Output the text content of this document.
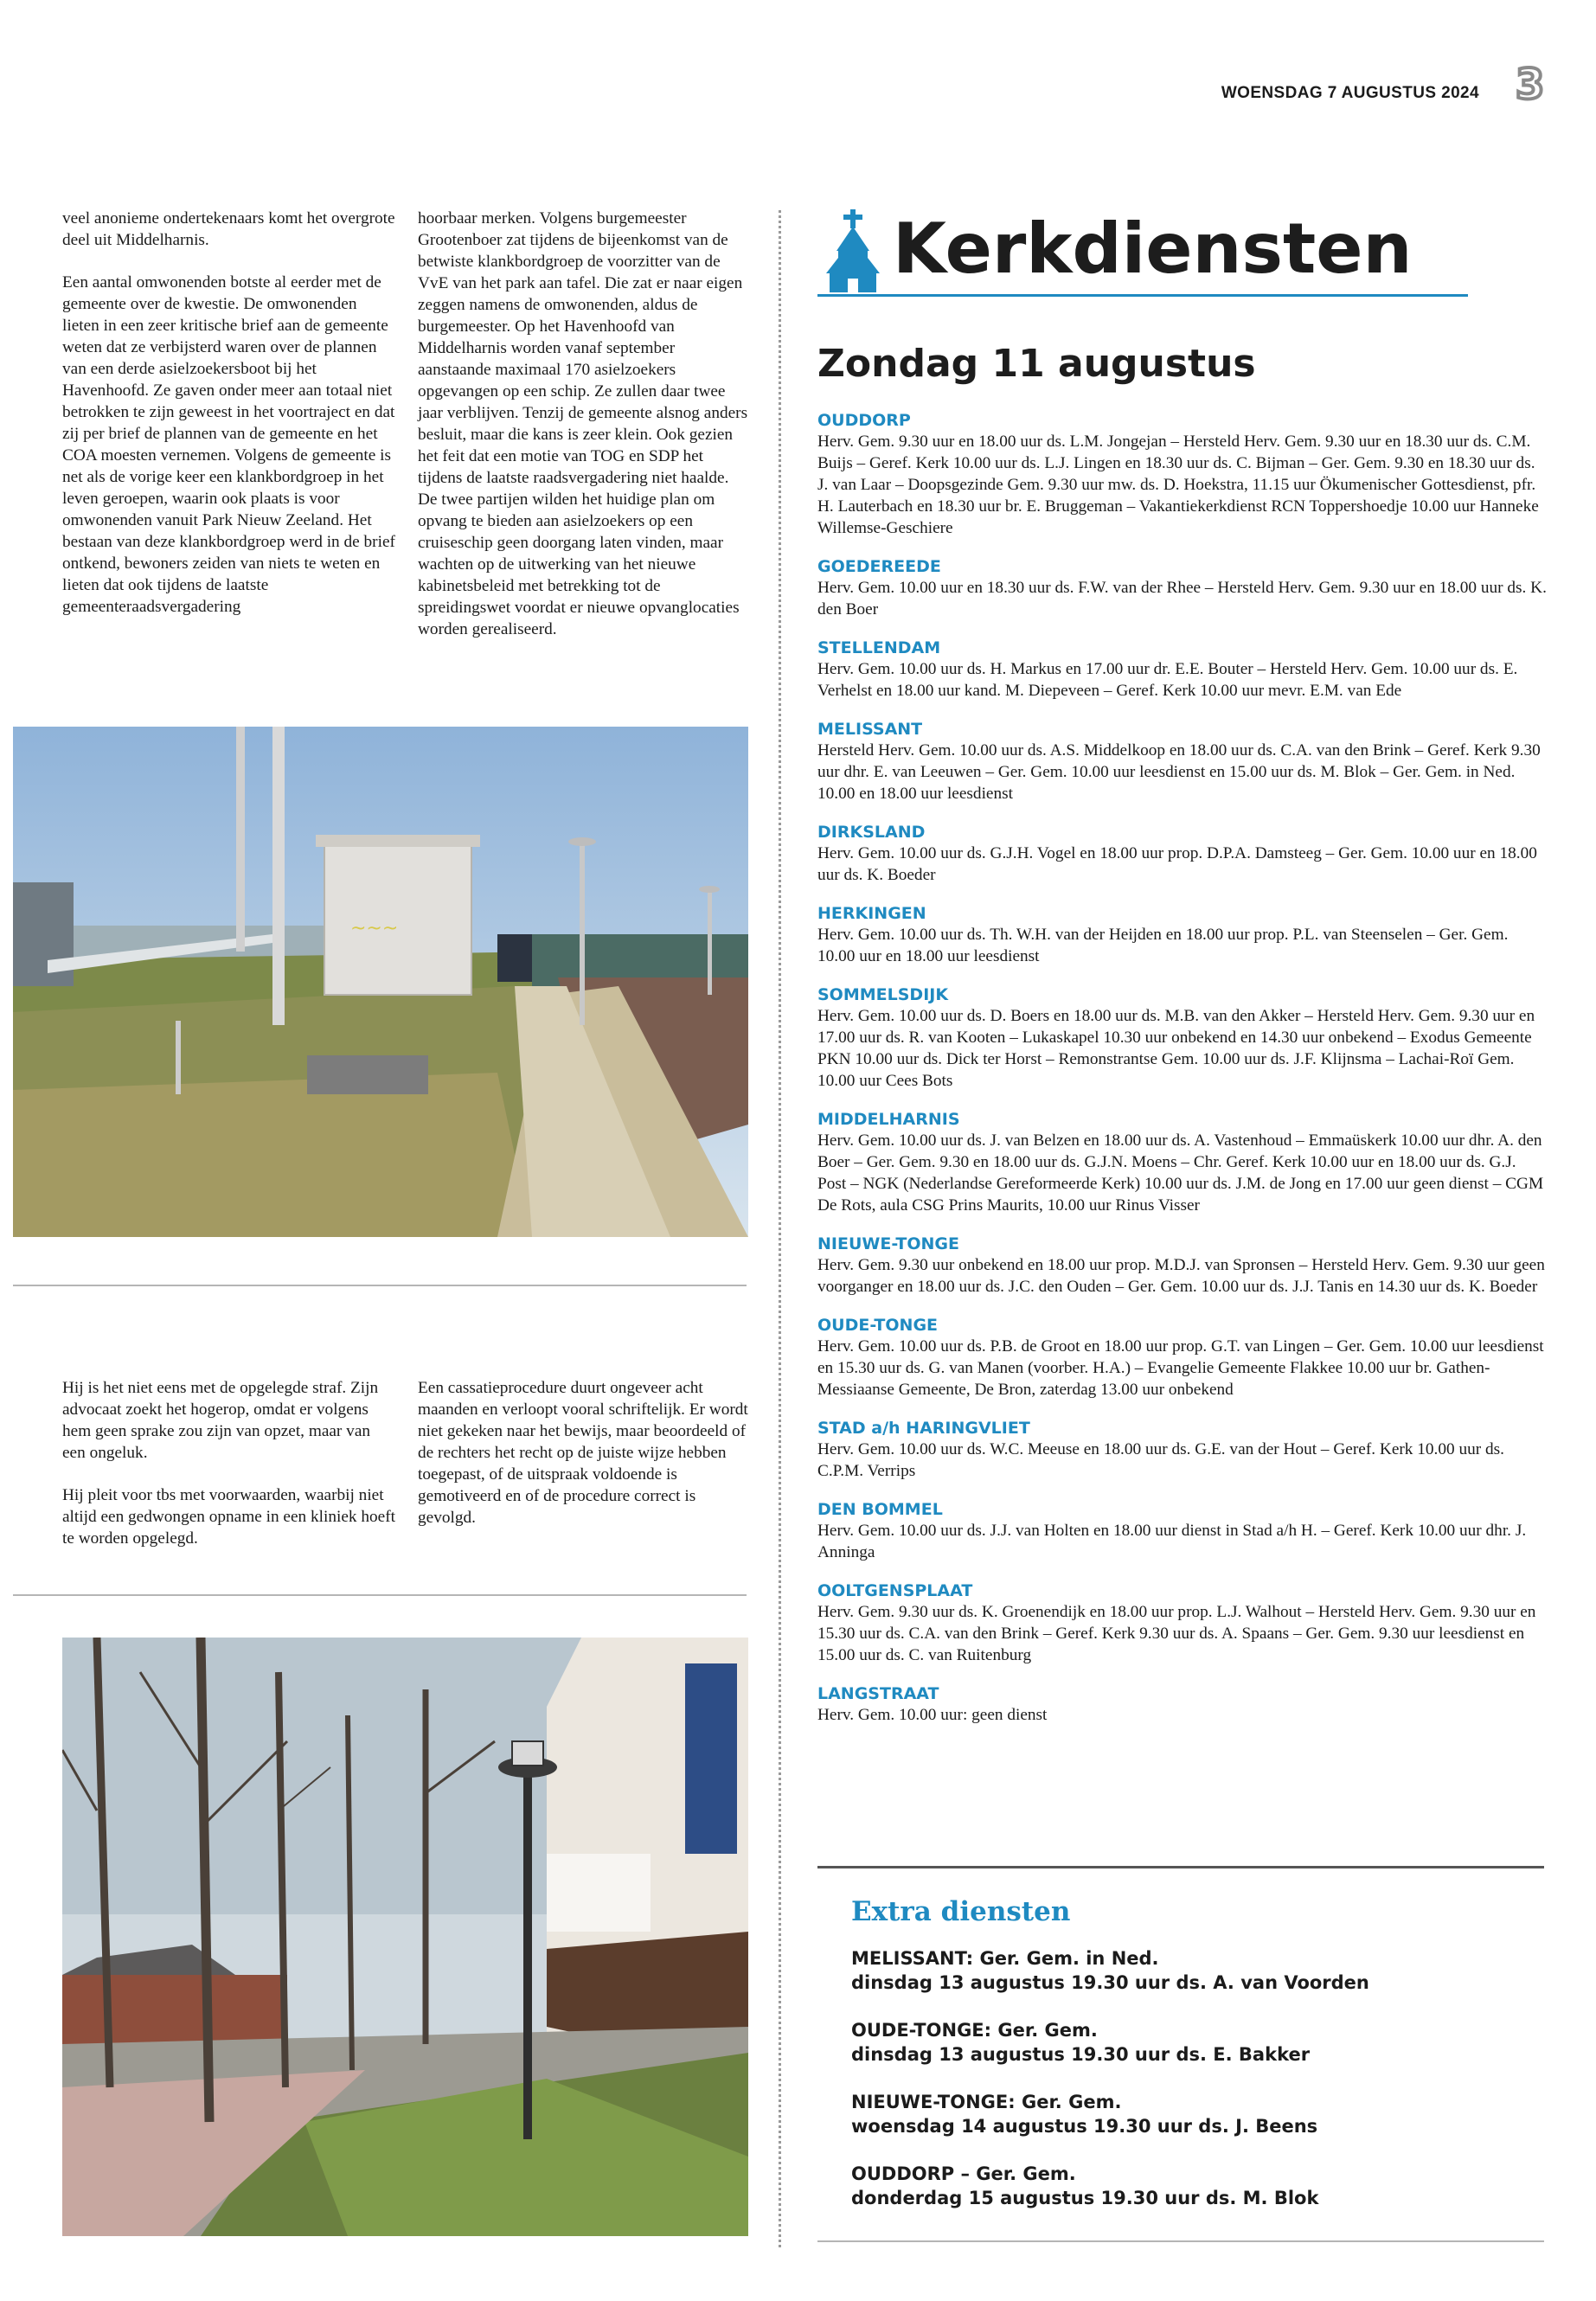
WOENSDAG 7 AUGUSTUS 2024 3

veel anonieme ondertekenaars komt het overgrote deel uit Middelharnis.

Een aantal omwonenden botste al eerder met de gemeente over de kwestie. De omwonenden lieten in een zeer kritische brief aan de gemeente weten dat ze verbijsterd waren over de plannen van een derde asielzoekersboot bij het Havenhoofd. Ze gaven onder meer aan totaal niet betrokken te zijn geweest in het voortraject en dat zij per brief de plannen van de gemeente en het COA moesten vernemen. Volgens de gemeente is net als de vorige keer een klankbordgroep in het leven geroepen, waarin ook plaats is voor omwonenden vanuit Park Nieuw Zeeland. Het bestaan van deze klankbordgroep werd in de brief ontkend, bewoners zeiden van niets te weten en lieten dat ook tijdens de laatste gemeenteraadsvergadering

hoorbaar merken. Volgens burgemeester Grootenboer zat tijdens de bijeenkomst van de betwiste klankbordgroep de voorzitter van de VvE van het park aan tafel. Die zat er naar eigen zeggen namens de omwonenden, aldus de burgemeester. Op het Havenhoofd van Middelharnis worden vanaf september aanstaande maximaal 170 asielzoekers opgevangen op een schip. Ze zullen daar twee jaar verblijven. Tenzij de gemeente alsnog anders besluit, maar die kans is zeer klein. Ook gezien het feit dat een motie van TOG en SDP het tijdens de laatste raadsvergadering niet haalde. De twee partijen wilden het huidige plan om opvang te bieden aan asielzoekers op een cruiseschip geen doorgang laten vinden, maar wachten op de uitwerking van het nieuwe kabinetsbeleid met betrekking tot de spreidingswet voordat er nieuwe opvanglocaties worden gerealiseerd.

~~~

Hij is het niet eens met de opgelegde straf. Zijn advocaat zoekt het hogerop, omdat er volgens hem geen sprake zou zijn van opzet, maar van een ongeluk.

Hij pleit voor tbs met voorwaarden, waarbij niet altijd een gedwongen opname in een kliniek hoeft te worden opgelegd.

Een cassatieprocedure duurt ongeveer acht maanden en verloopt vooral schriftelijk. Er wordt niet gekeken naar het bewijs, maar beoordeeld of de rechters het recht op de juiste wijze hebben toegepast, of de uitspraak voldoende is gemotiveerd en of de procedure correct is gevolgd.

Kerkdiensten
Zondag 11 augustus
OUDDORP
Herv. Gem. 9.30 uur en 18.00 uur ds. L.M. Jongejan – Hersteld Herv. Gem. 9.30 uur en 18.30 uur ds. C.M. Buijs – Geref. Kerk 10.00 uur ds. L.J. Lingen en 18.30 uur ds. C. Bijman – Ger. Gem. 9.30 en 18.30 uur ds. J. van Laar – Doopsgezinde Gem. 9.30 uur mw. ds. D. Hoekstra, 11.15 uur Ökumenischer Gottesdienst, pfr. H. Lauterbach en 18.30 uur br. E. Bruggeman – Vakantiekerkdienst RCN Toppershoedje 10.00 uur Hanneke Willemse-Geschiere
GOEDEREEDE
Herv. Gem. 10.00 uur en 18.30 uur ds. F.W. van der Rhee – Hersteld Herv. Gem. 9.30 uur en 18.00 uur ds. K. den Boer
STELLENDAM
Herv. Gem. 10.00 uur ds. H. Markus en 17.00 uur dr. E.E. Bouter – Hersteld Herv. Gem. 10.00 uur ds. E. Verhelst en 18.00 uur kand. M. Diepeveen – Geref. Kerk 10.00 uur mevr. E.M. van Ede
MELISSANT
Hersteld Herv. Gem. 10.00 uur ds. A.S. Middelkoop en 18.00 uur ds. C.A. van den Brink – Geref. Kerk 9.30 uur dhr. E. van Leeuwen – Ger. Gem. 10.00 uur leesdienst en 15.00 uur ds. M. Blok – Ger. Gem. in Ned. 10.00 en 18.00 uur leesdienst
DIRKSLAND
Herv. Gem. 10.00 uur ds. G.J.H. Vogel en 18.00 uur prop. D.P.A. Damsteeg – Ger. Gem. 10.00 uur en 18.00 uur ds. K. Boeder
HERKINGEN
Herv. Gem. 10.00 uur ds. Th. W.H. van der Heijden en 18.00 uur prop. P.L. van Steenselen – Ger. Gem. 10.00 uur en 18.00 uur leesdienst
SOMMELSDIJK
Herv. Gem. 10.00 uur ds. D. Boers en 18.00 uur ds. M.B. van den Akker – Hersteld Herv. Gem. 9.30 uur en 17.00 uur ds. R. van Kooten – Lukaskapel 10.30 uur onbekend en 14.30 uur onbekend – Exodus Gemeente PKN 10.00 uur ds. Dick ter Horst – Remonstrantse Gem. 10.00 uur ds. J.F. Klijnsma – Lachai-Roï Gem. 10.00 uur Cees Bots
MIDDELHARNIS
Herv. Gem. 10.00 uur ds. J. van Belzen en 18.00 uur ds. A. Vastenhoud – Emmaüskerk 10.00 uur dhr. A. den Boer – Ger. Gem. 9.30 en 18.00 uur ds. G.J.N. Moens – Chr. Geref. Kerk 10.00 uur en 18.00 uur ds. G.J. Post – NGK (Nederlandse Gereformeerde Kerk) 10.00 uur ds. J.M. de Jong en 17.00 uur geen dienst – CGM De Rots, aula CSG Prins Maurits, 10.00 uur Rinus Visser
NIEUWE-TONGE
Herv. Gem. 9.30 uur onbekend en 18.00 uur prop. M.D.J. van Spronsen – Hersteld Herv. Gem. 9.30 uur geen voorganger en 18.00 uur ds. J.C. den Ouden – Ger. Gem. 10.00 uur ds. J.J. Tanis en 14.30 uur ds. K. Boeder
OUDE-TONGE
Herv. Gem. 10.00 uur ds. P.B. de Groot en 18.00 uur prop. G.T. van Lingen – Ger. Gem. 10.00 uur leesdienst en 15.30 uur ds. G. van Manen (voorber. H.A.) – Evangelie Gemeente Flakkee 10.00 uur br. Gathen- Messiaanse Gemeente, De Bron, zaterdag 13.00 uur onbekend
STAD a/h HARINGVLIET
Herv. Gem. 10.00 uur ds. W.C. Meeuse en 18.00 uur ds. G.E. van der Hout – Geref. Kerk 10.00 uur ds. C.P.M. Verrips
DEN BOMMEL
Herv. Gem. 10.00 uur ds. J.J. van Holten en 18.00 uur dienst in Stad a/h H. – Geref. Kerk 10.00 uur dhr. J. Anninga
OOLTGENSPLAAT
Herv. Gem. 9.30 uur ds. K. Groenendijk en 18.00 uur prop. L.J. Walhout – Hersteld Herv. Gem. 9.30 uur en 15.30 uur ds. C.A. van den Brink – Geref. Kerk 9.30 uur ds. A. Spaans – Ger. Gem. 9.30 uur leesdienst en 15.00 uur ds. C. van Ruitenburg
LANGSTRAAT
Herv. Gem. 10.00 uur: geen dienst
Extra diensten
MELISSANT: Ger. Gem. in Ned.
dinsdag 13 augustus 19.30 uur ds. A. van Voorden
OUDE-TONGE: Ger. Gem.
dinsdag 13 augustus 19.30 uur ds. E. Bakker
NIEUWE-TONGE: Ger. Gem.
woensdag 14 augustus 19.30 uur ds. J. Beens
OUDDORP – Ger. Gem.
donderdag 15 augustus 19.30 uur ds. M. Blok
